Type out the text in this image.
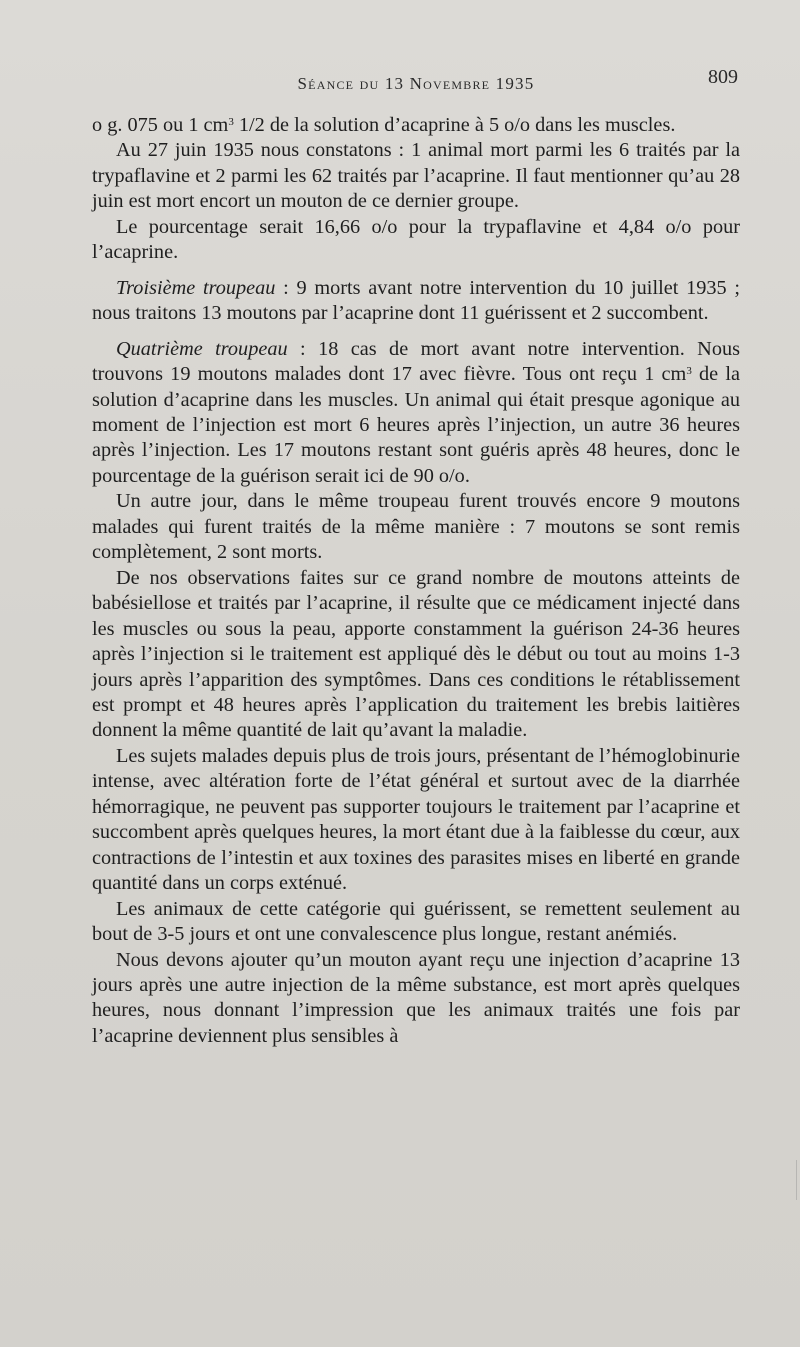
Séance du 13 Novembre 1935	809

o g. 075 ou 1 $cm^3$ 1/2 de la solution d’acaprine à 5 o/o dans les muscles.

Au 27 juin 1935 nous constatons : 1 animal mort parmi les 6 traités par la trypaflavine et 2 parmi les 62 traités par l’acaprine. Il faut mentionner qu’au 28 juin est mort encort un mouton de ce dernier groupe.

Le pourcentage serait 16,66 o/o pour la trypaflavine et 4,84 o/o pour l’acaprine.

Troisième troupeau : 9 morts avant notre intervention du 10 juillet 1935 ; nous traitons 13 moutons par l’acaprine dont 11 guérissent et 2 succombent.

Quatrième troupeau : 18 cas de mort avant notre intervention. Nous trouvons 19 moutons malades dont 17 avec fièvre. Tous ont reçu 1 $cm^3$ de la solution d’acaprine dans les muscles. Un animal qui était presque agonique au moment de l’injection est mort 6 heures après l’injection, un autre 36 heures après l’injection. Les 17 moutons restant sont guéris après 48 heures, donc le pourcentage de la guérison serait ici de 90 o/o.

Un autre jour, dans le même troupeau furent trouvés encore 9 moutons malades qui furent traités de la même manière : 7 moutons se sont remis complètement, 2 sont morts.

De nos observations faites sur ce grand nombre de moutons atteints de babésiellose et traités par l’acaprine, il résulte que ce médicament injecté dans les muscles ou sous la peau, apporte constamment la guérison 24-36 heures après l’injection si le traitement est appliqué dès le début ou tout au moins 1-3 jours après l’apparition des symptômes. Dans ces conditions le rétablissement est prompt et 48 heures après l’application du traitement les brebis laitières donnent la même quantité de lait qu’avant la maladie.

Les sujets malades depuis plus de trois jours, présentant de l’hémoglobinurie intense, avec altération forte de l’état général et surtout avec de la diarrhée hémorragique, ne peuvent pas supporter toujours le traitement par l’acaprine et succombent après quelques heures, la mort étant due à la faiblesse du cœur, aux contractions de l’intestin et aux toxines des parasites mises en liberté en grande quantité dans un corps exténué.

Les animaux de cette catégorie qui guérissent, se remettent seulement au bout de 3-5 jours et ont une convalescence plus longue, restant anémiés.

Nous devons ajouter qu’un mouton ayant reçu une injection d’acaprine 13 jours après une autre injection de la même substance, est mort après quelques heures, nous donnant l’impression que les animaux traités une fois par l’acaprine deviennent plus sensibles à
